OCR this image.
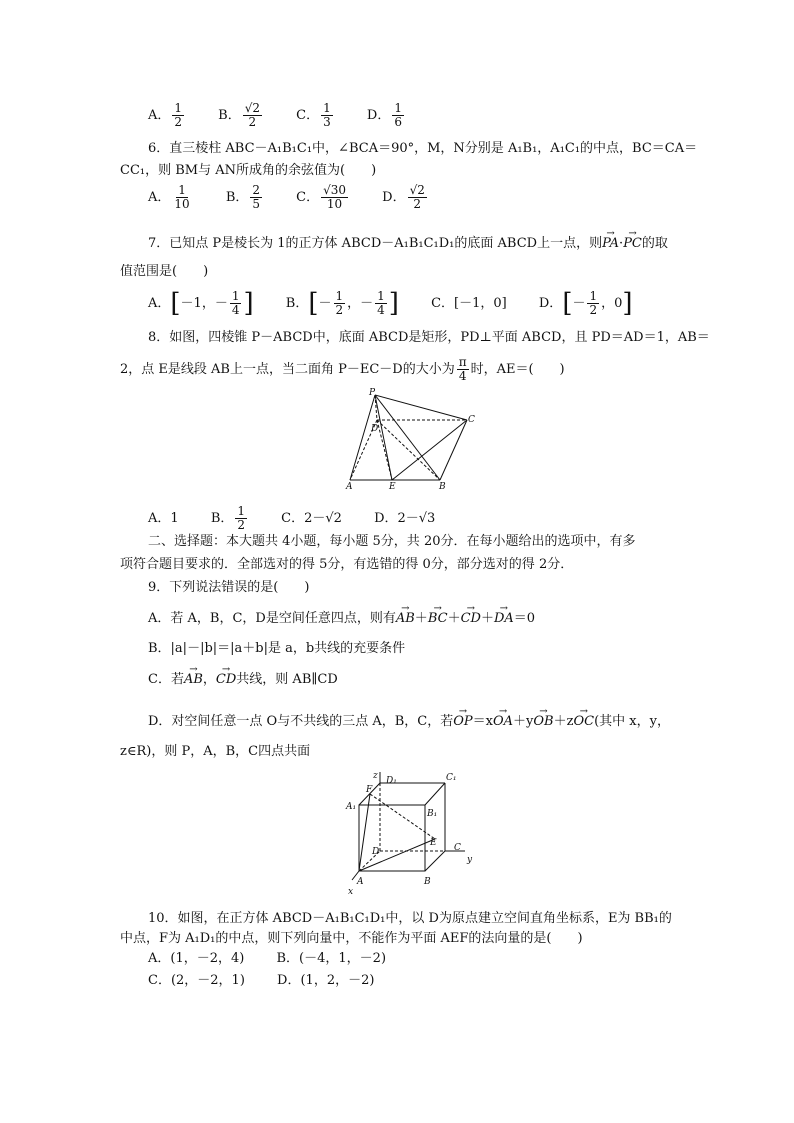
A． $\frac{1}{2}$	B． $\frac{√2}{2}$	C． $\frac{1}{3}$	D． $\frac{1}{6}$
6．直三棱柱 ABC－A₁B₁C₁中，∠BCA＝90°，M，N分别是 A₁B₁，A₁C₁的中点，BC＝CA＝
CC₁，则 BM与 AN所成角的余弦值为(　　)
A． $\frac{1}{10}$	B． $\frac{2}{5}$	C． $\frac{√30}{10}$	D． $\frac{√2}{2}$
7．已知点 P是棱长为 1的正方体 ABCD－A₁B₁C₁D₁的底面 ABCD上一点，则→ PA·→ PC的取
值范围是(　　)
A．[－1，－ $\frac{1}{4}$ ] B．[－ $\frac{1}{2}$ ，－ $\frac{1}{4}$ ] C．[－1，0] D．[－ $\frac{1}{2}$ ，0]
8．如图，四棱锥 P－ABCD中，底面 ABCD是矩形，PD⊥平面 ABCD，且 PD＝AD＝1，AB＝
2，点 E是线段 AB上一点，当二面角 P－EC－D的大小为 $\frac{\pi}{4}$ 时，AE＝(　　)
P
D
C
A	E	B
A．1 B． $\frac{1}{2}$	C．2－√2 D．2－√3
二、选择题：本大题共 4小题，每小题 5分，共 20分．在每小题给出的选项中，有多
项符合题目要求的．全部选对的得 5分，有选错的得 0分，部分选对的得 2分．
9．下列说法错误的是(　　)
A．若 A，B，C，D是空间任意四点，则有→ AB＋→ BC＋→ CD＋→ DA＝0
B．|a|－|b|＝|a＋b|是 a，b共线的充要条件
C．若→ AB，→ CD共线，则 AB∥CD
D．对空间任意一点 O与不共线的三点 A，B，C，若→ OP＝x→ OA＋y→ OB＋z→ OC(其中 x，y，
z∈R)，则 P，A，B，C四点共面
z D₁	C₁
A₁
F
B₁
D
E C
y
A	B
x
10．如图，在正方体 ABCD－A₁B₁C₁D₁中，以 D为原点建立空间直角坐标系，E为 BB₁的
中点，F为 A₁D₁的中点，则下列向量中，不能作为平面 AEF的法向量的是(　　)
A．(1，－2，4) B．(－4，1，－2)
C．(2，－2，1) D．(1，2，－2)
